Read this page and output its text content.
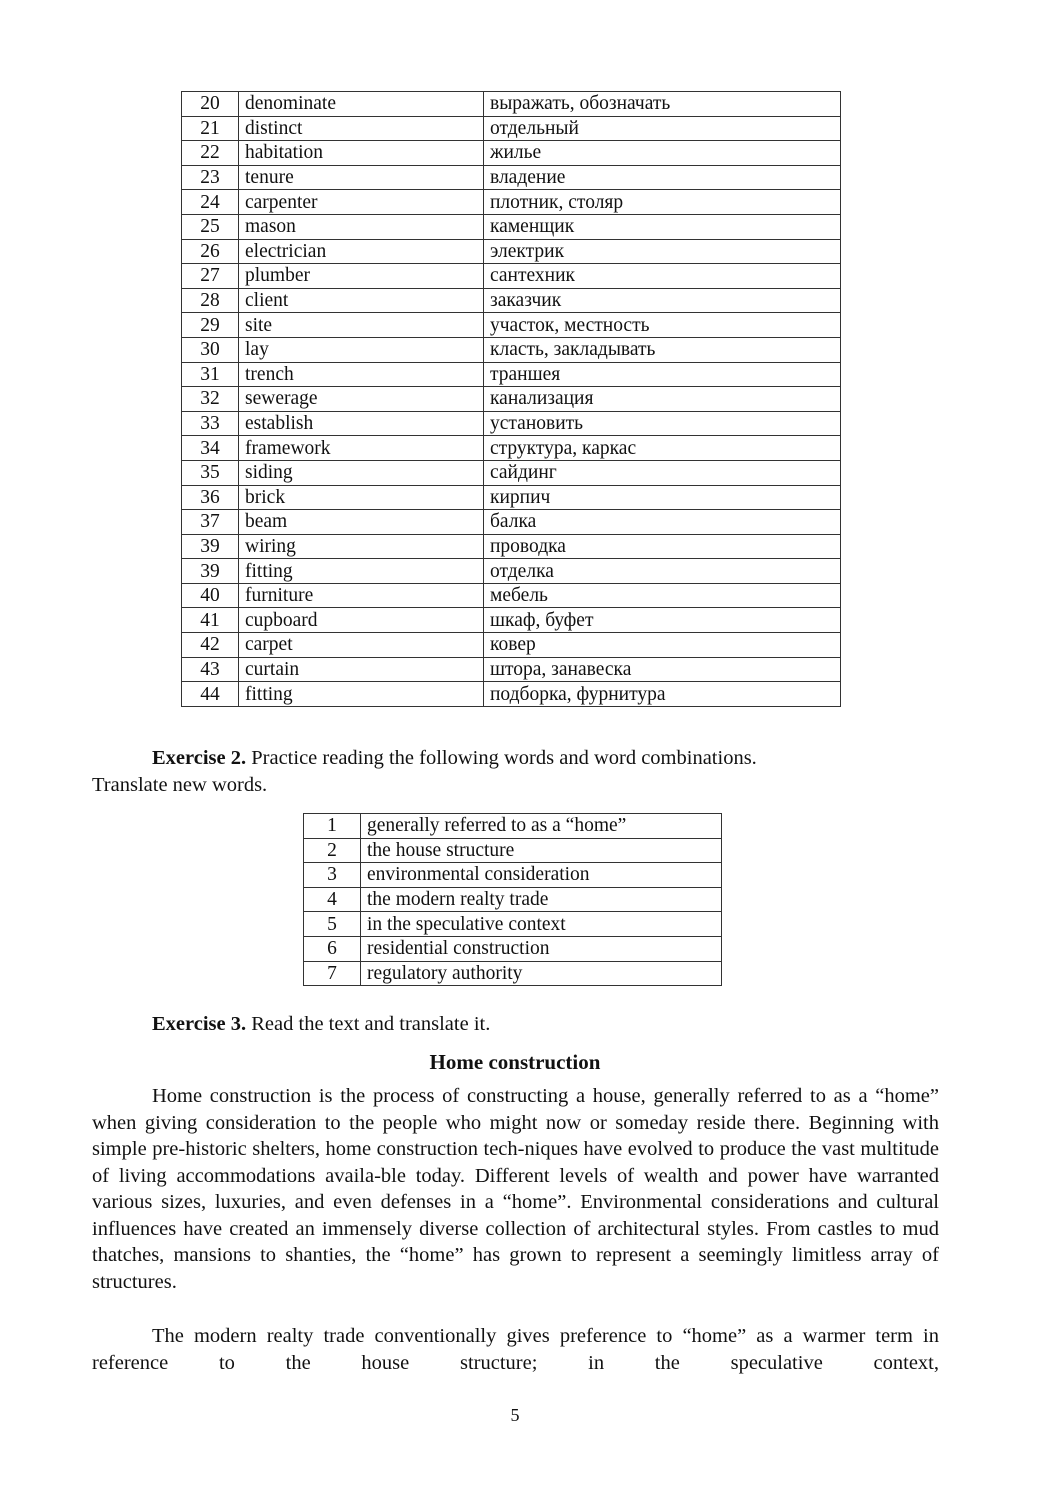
20	denominate	выражать, обозначать
21	distinct	отдельный
22	habitation	жилье
23	tenure	владение
24	carpenter	плотник, столяр
25	mason	каменщик
26	electrician	электрик
27	plumber	сантехник
28	client	заказчик
29	site	участок, местность
30	lay	класть, закладывать
31	trench	траншея
32	sewerage	канализация
33	establish	установить
34	framework	структура, каркас
35	siding	сайдинг
36	brick	кирпич
37	beam	балка
39	wiring	проводка
39	fitting	отделка
40	furniture	мебель
41	cupboard	шкаф, буфет
42	carpet	ковер
43	curtain	штора, занавеска
44	fitting	подборка, фурнитура

Exercise 2. Practice reading the following words and word combinations.
Translate new words.

1	generally referred to as a “home”
2	the house structure
3	environmental consideration
4	the modern realty trade
5	in the speculative context
6	residential construction
7	regulatory authority

Exercise 3. Read the text and translate it.

Home construction

Home construction is the process of constructing a house, generally referred to as a “home” when giving consideration to the people who might now or someday reside there. Beginning with simple pre-historic shelters, home construction tech-niques have evolved to produce the vast multitude of living accommodations availa-ble today. Different levels of wealth and power have warranted various sizes, luxuries, and even defenses in a “home”. Environmental considerations and cultural influences have created an immensely diverse collection of architectural styles. From castles to mud thatches, mansions to shanties, the “home” has grown to represent a seemingly limitless array of structures.

The modern realty trade conventionally gives preference to “home” as a warmer term in reference to the house structure; in the speculative context,

5
